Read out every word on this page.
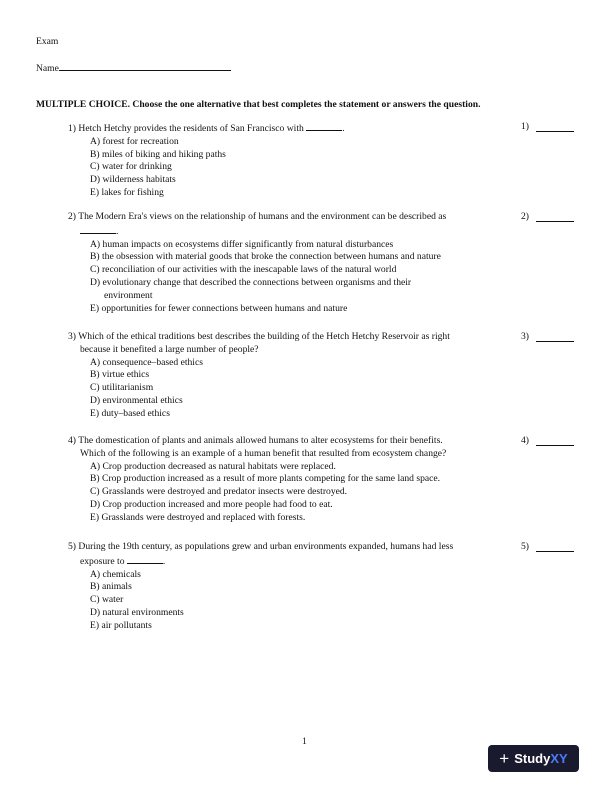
Exam
Name
MULTIPLE CHOICE. Choose the one alternative that best completes the statement or answers the question.
1) Hetch Hetchy provides the residents of San Francisco with	.
A) forest for recreation
B) miles of biking and hiking paths
C) water for drinking
D) wilderness habitats
E) lakes for fishing
1)
2) The Modern Era's views on the relationship of humans and the environment can be described as
.
A) human impacts on ecosystems differ significantly from natural disturbances
B) the obsession with material goods that broke the connection between humans and nature
C) reconciliation of our activities with the inescapable laws of the natural world
D) evolutionary change that described the connections between organisms and their
environment
E) opportunities for fewer connections between humans and nature
2)
3) Which of the ethical traditions best describes the building of the Hetch Hetchy Reservoir as right
because it benefited a large number of people?
A) consequence–based ethics
B) virtue ethics
C) utilitarianism
D) environmental ethics
E) duty–based ethics
3)
4) The domestication of plants and animals allowed humans to alter ecosystems for their benefits.
Which of the following is an example of a human benefit that resulted from ecosystem change?
A) Crop production decreased as natural habitats were replaced.
B) Crop production increased as a result of more plants competing for the same land space.
C) Grasslands were destroyed and predator insects were destroyed.
D) Crop production increased and more people had food to eat.
E) Grasslands were destroyed and replaced with forests.
4)
5) During the 19th century, as populations grew and urban environments expanded, humans had less
exposure to	.
A) chemicals
B) animals
C) water
D) natural environments
E) air pollutants
5)
1
+ Study XY
